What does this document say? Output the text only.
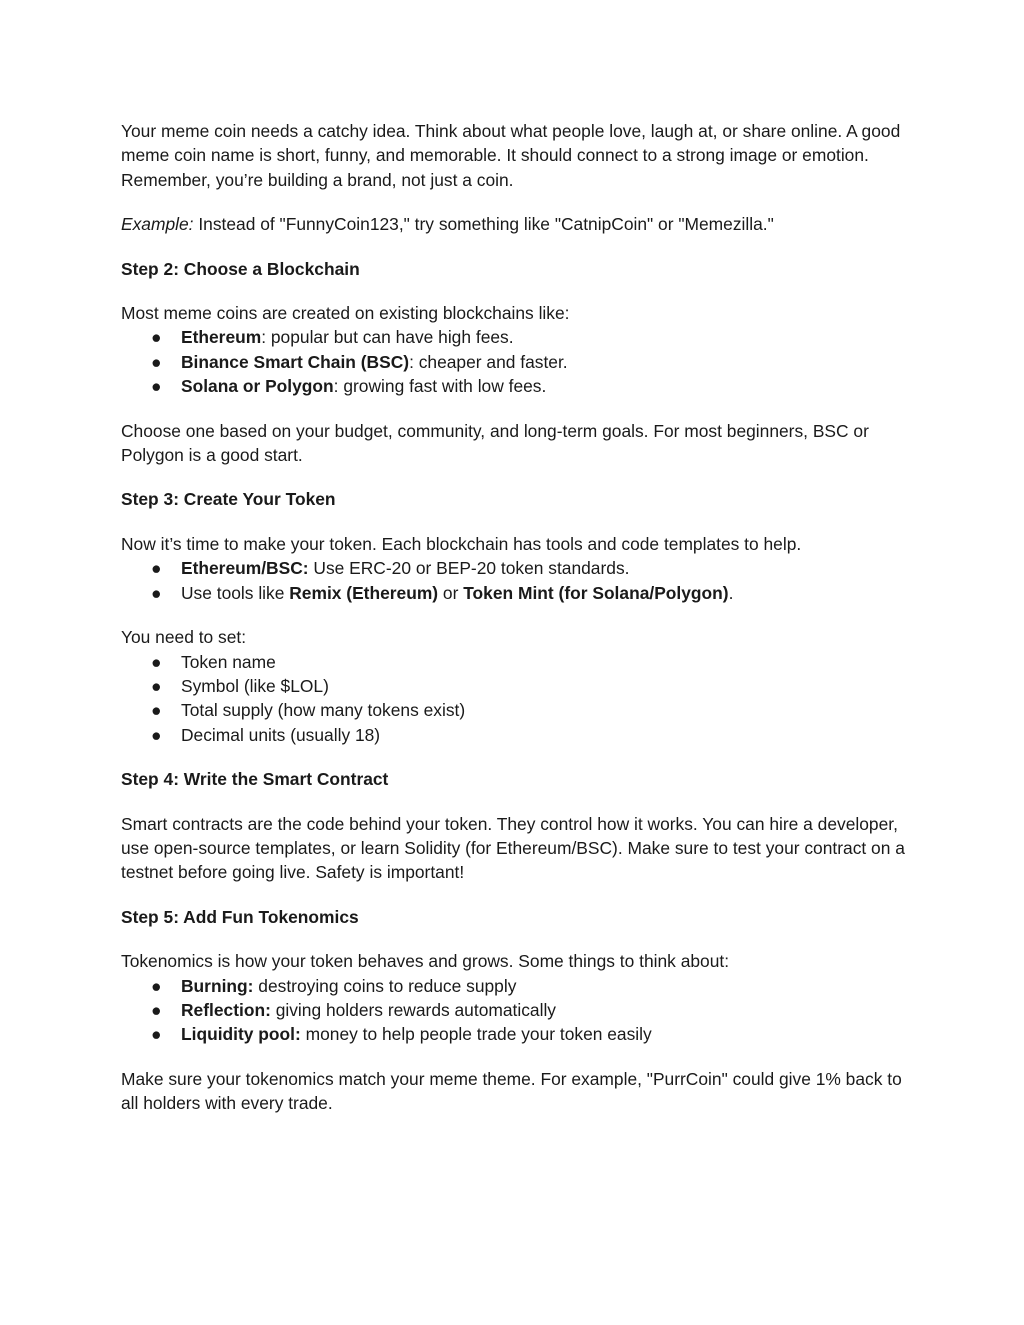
Your meme coin needs a catchy idea. Think about what people love, laugh at, or share online. A good meme coin name is short, funny, and memorable. It should connect to a strong image or emotion. Remember, you’re building a brand, not just a coin.

Example: Instead of "FunnyCoin123," try something like "CatnipCoin" or "Memezilla."

Step 2: Choose a Blockchain

Most meme coins are created on existing blockchains like:

● Ethereum: popular but can have high fees.
● Binance Smart Chain (BSC): cheaper and faster.
● Solana or Polygon: growing fast with low fees.

Choose one based on your budget, community, and long-term goals. For most beginners, BSC or Polygon is a good start.

Step 3: Create Your Token

Now it’s time to make your token. Each blockchain has tools and code templates to help.

● Ethereum/BSC: Use ERC-20 or BEP-20 token standards.
● Use tools like Remix (Ethereum) or Token Mint (for Solana/Polygon).

You need to set:

● Token name
● Symbol (like $LOL)
● Total supply (how many tokens exist)
● Decimal units (usually 18)

Step 4: Write the Smart Contract

Smart contracts are the code behind your token. They control how it works. You can hire a developer, use open-source templates, or learn Solidity (for Ethereum/BSC). Make sure to test your contract on a testnet before going live. Safety is important!

Step 5: Add Fun Tokenomics

Tokenomics is how your token behaves and grows. Some things to think about:

● Burning: destroying coins to reduce supply
● Reflection: giving holders rewards automatically
● Liquidity pool: money to help people trade your token easily

Make sure your tokenomics match your meme theme. For example, "PurrCoin" could give 1% back to all holders with every trade.
